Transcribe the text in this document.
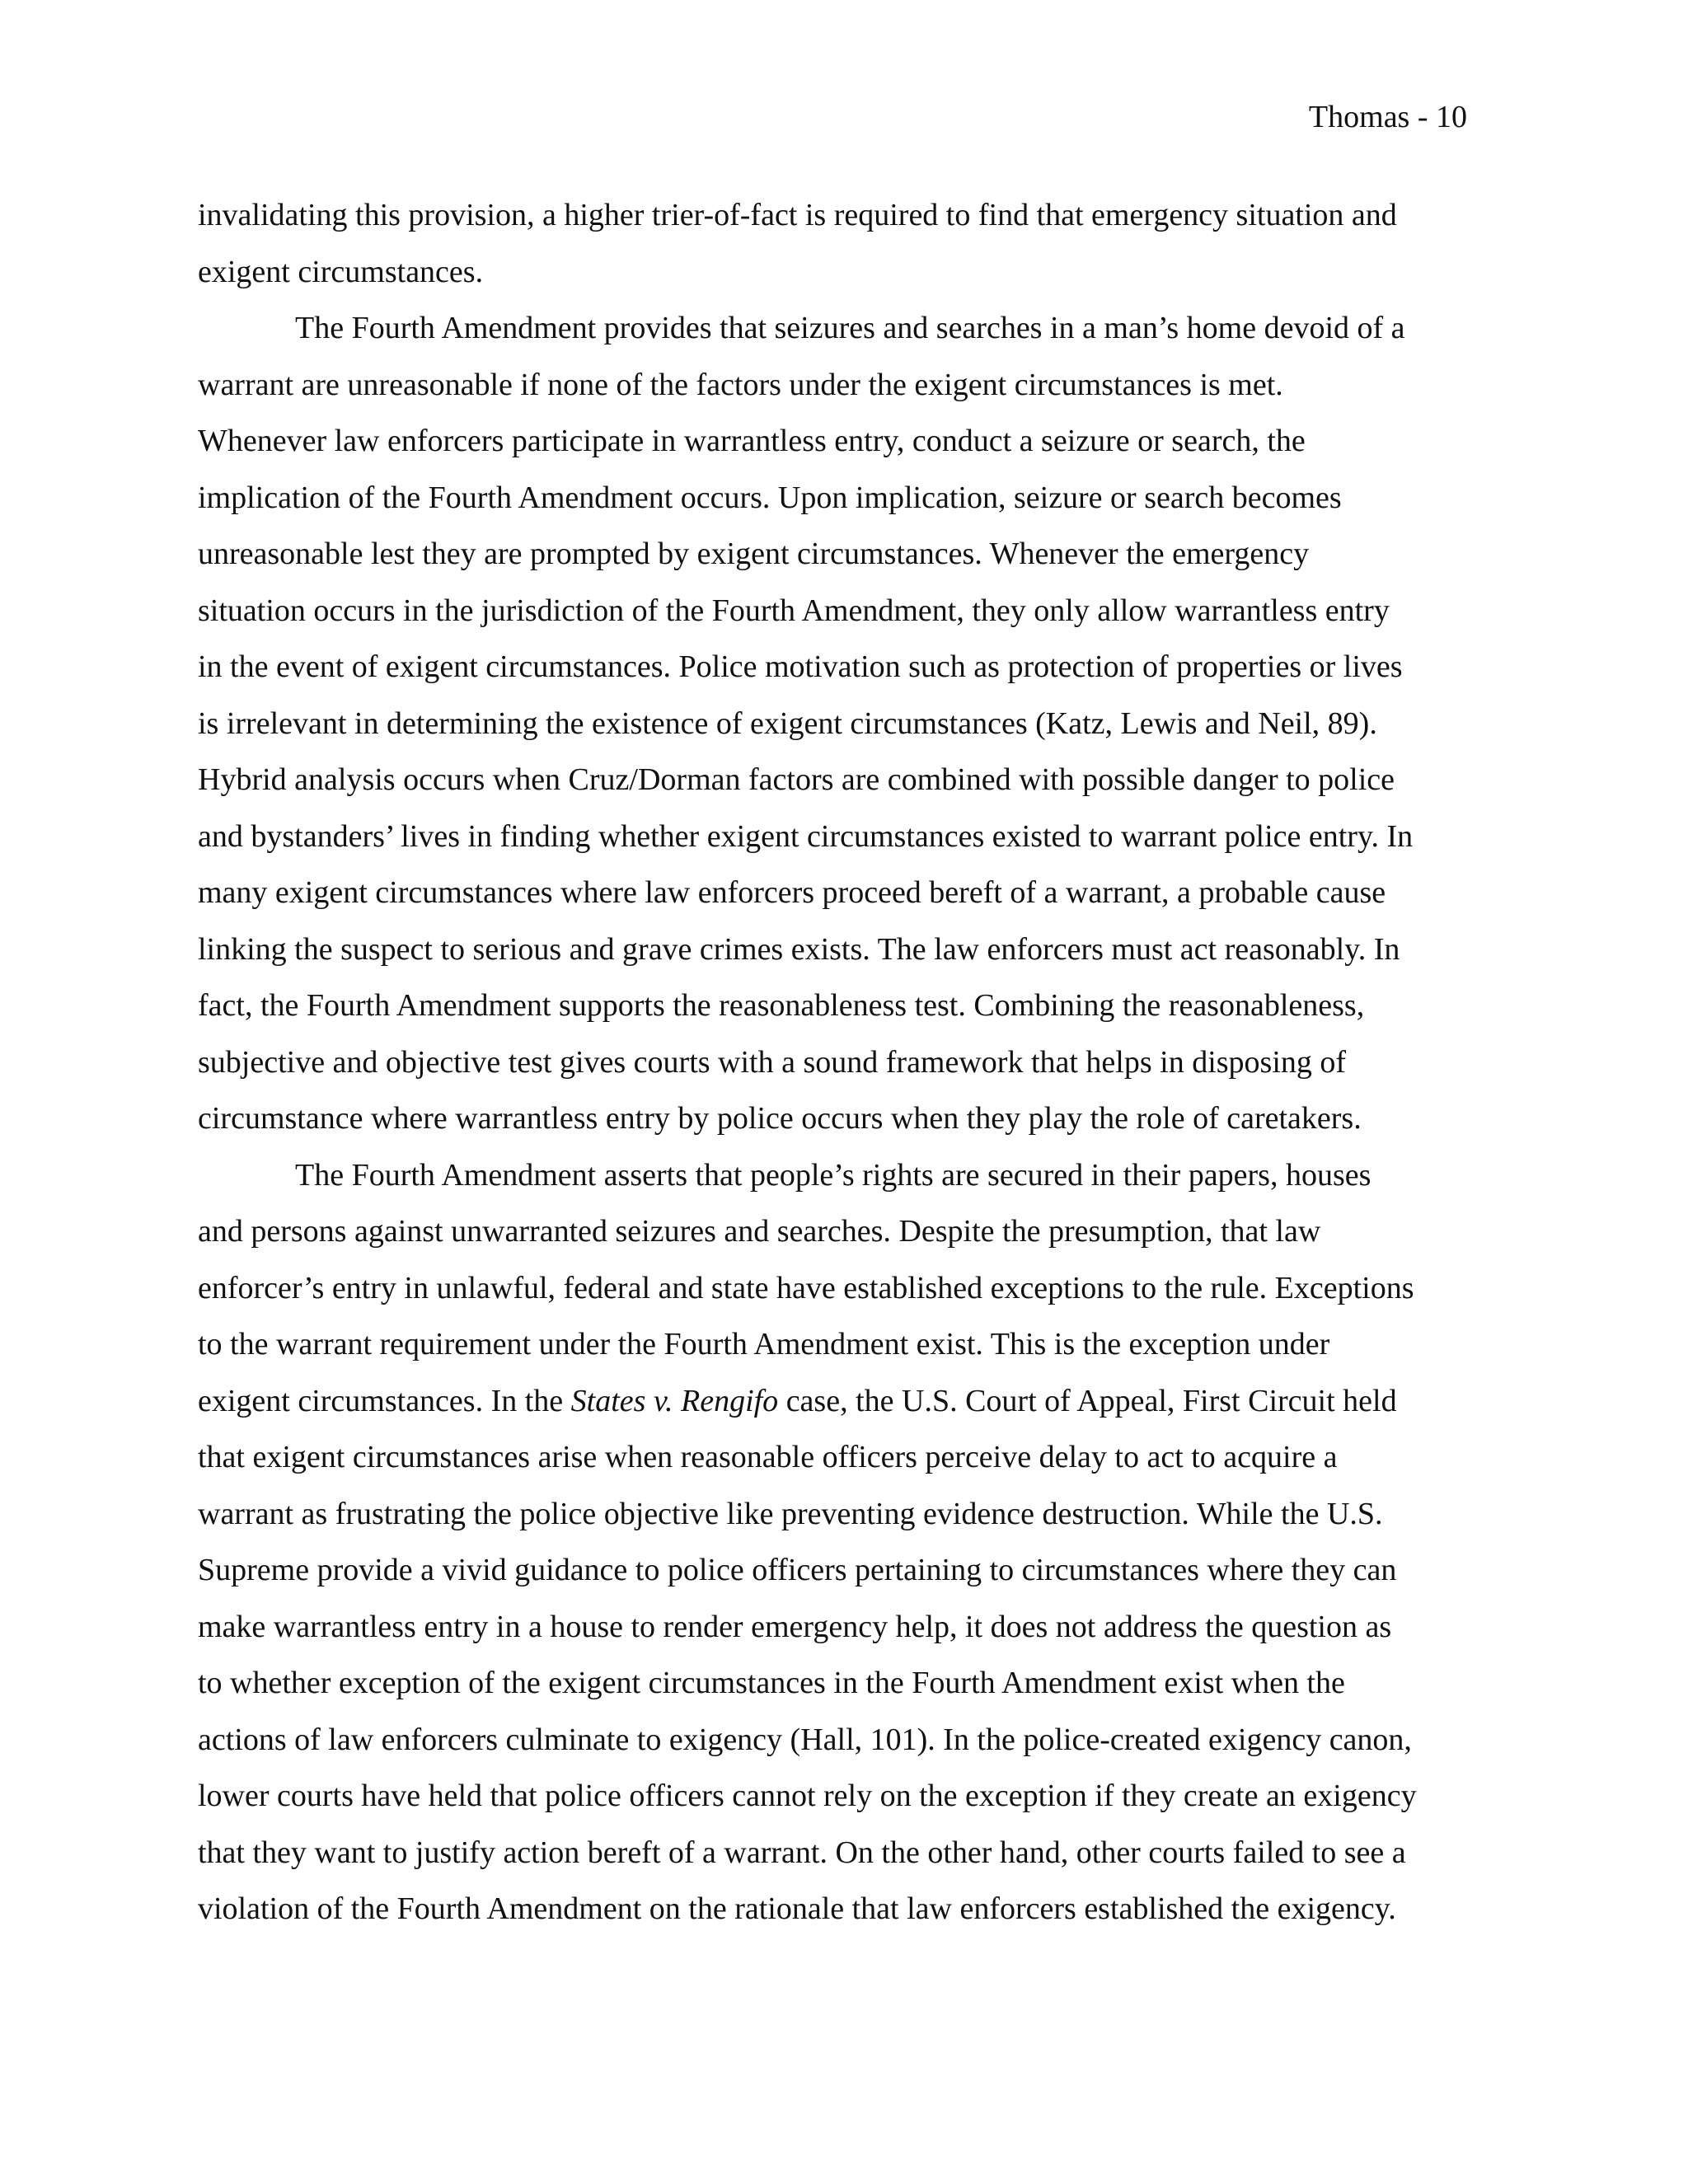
Thomas - 10
invalidating this provision, a higher trier-of-fact is required to find that emergency situation and
exigent circumstances.
The Fourth Amendment provides that seizures and searches in a man’s home devoid of a
warrant are unreasonable if none of the factors under the exigent circumstances is met.
Whenever law enforcers participate in warrantless entry, conduct a seizure or search, the
implication of the Fourth Amendment occurs. Upon implication, seizure or search becomes
unreasonable lest they are prompted by exigent circumstances. Whenever the emergency
situation occurs in the jurisdiction of the Fourth Amendment, they only allow warrantless entry
in the event of exigent circumstances. Police motivation such as protection of properties or lives
is irrelevant in determining the existence of exigent circumstances (Katz, Lewis and Neil, 89).
Hybrid analysis occurs when Cruz/Dorman factors are combined with possible danger to police
and bystanders’ lives in finding whether exigent circumstances existed to warrant police entry. In
many exigent circumstances where law enforcers proceed bereft of a warrant, a probable cause
linking the suspect to serious and grave crimes exists. The law enforcers must act reasonably. In
fact, the Fourth Amendment supports the reasonableness test. Combining the reasonableness,
subjective and objective test gives courts with a sound framework that helps in disposing of
circumstance where warrantless entry by police occurs when they play the role of caretakers.
The Fourth Amendment asserts that people’s rights are secured in their papers, houses
and persons against unwarranted seizures and searches. Despite the presumption, that law
enforcer’s entry in unlawful, federal and state have established exceptions to the rule. Exceptions
to the warrant requirement under the Fourth Amendment exist. This is the exception under
exigent circumstances. In the States v. Rengifo case, the U.S. Court of Appeal, First Circuit held
that exigent circumstances arise when reasonable officers perceive delay to act to acquire a
warrant as frustrating the police objective like preventing evidence destruction. While the U.S.
Supreme provide a vivid guidance to police officers pertaining to circumstances where they can
make warrantless entry in a house to render emergency help, it does not address the question as
to whether exception of the exigent circumstances in the Fourth Amendment exist when the
actions of law enforcers culminate to exigency (Hall, 101). In the police-created exigency canon,
lower courts have held that police officers cannot rely on the exception if they create an exigency
that they want to justify action bereft of a warrant. On the other hand, other courts failed to see a
violation of the Fourth Amendment on the rationale that law enforcers established the exigency.
